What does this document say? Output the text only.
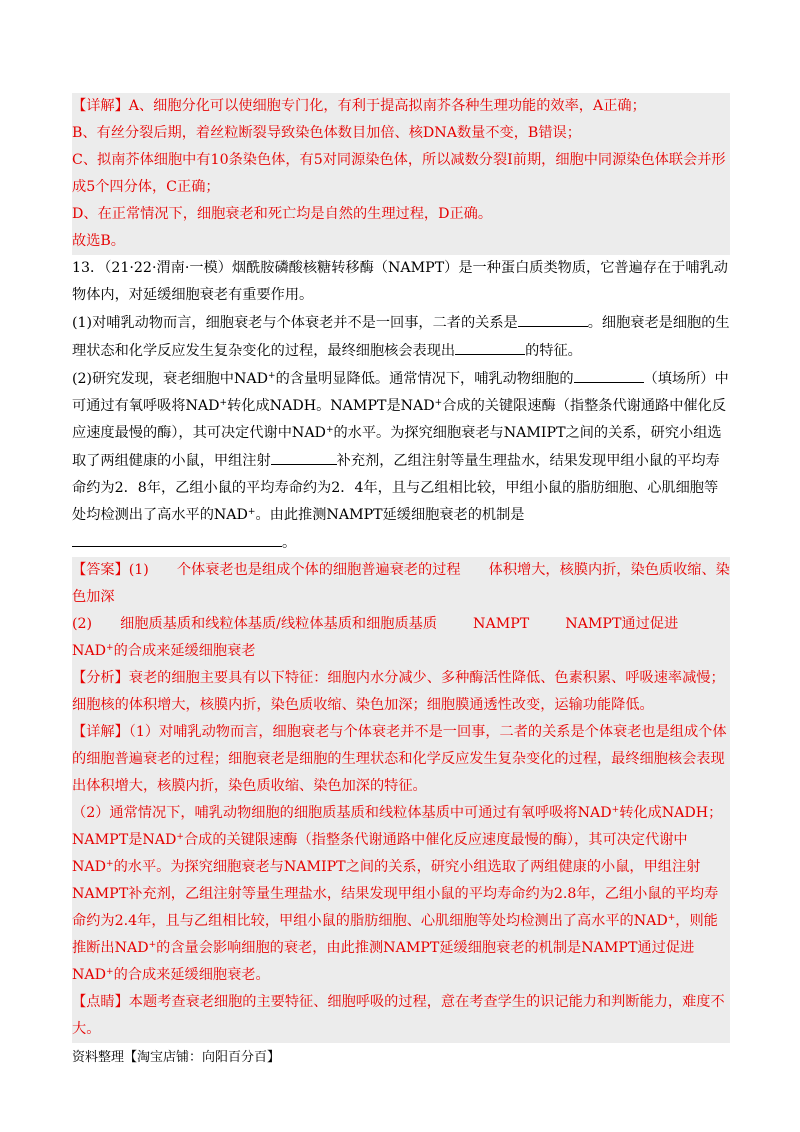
【详解】A、细胞分化可以使细胞专门化，有利于提高拟南芥各种生理功能的效率，A正确；

B、有丝分裂后期，着丝粒断裂导致染色体数目加倍、核DNA数量不变，B错误；

C、拟南芥体细胞中有10条染色体，有5对同源染色体，所以减数分裂Ⅰ前期，细胞中同源染色体联会并形成5个四分体，C正确；

D、在正常情况下，细胞衰老和死亡均是自然的生理过程，D正确。

故选B。

13．（21·22·渭南·一模）烟酰胺磷酸核糖转移酶（NAMPT）是一种蛋白质类物质，它普遍存在于哺乳动物体内，对延缓细胞衰老有重要作用。

(1)对哺乳动物而言，细胞衰老与个体衰老并不是一回事，二者的关系是	。细胞衰老是细胞的生理状态和化学反应发生复杂变化的过程，最终细胞核会表现出	的特征。

(2)研究发现，衰老细胞中NAD+的含量明显降低。通常情况下，哺乳动物细胞的	（填场所）中可通过有氧呼吸将NAD+转化成NADH。NAMPT是NAD+合成的关键限速酶（指整条代谢通路中催化反应速度最慢的酶），其可决定代谢中NAD+的水平。为探究细胞衰老与NAMIPT之间的关系，研究小组选取了两组健康的小鼠，甲组注射	补充剂，乙组注射等量生理盐水，结果发现甲组小鼠的平均寿命约为2．8年，乙组小鼠的平均寿命约为2．4年，且与乙组相比较，甲组小鼠的脂肪细胞、心肌细胞等处均检测出了高水平的NAD+。由此推测NAMPT延缓细胞衰老的机制是。

【答案】(1) 个体衰老也是组成个体的细胞普遍衰老的过程 体积增大，核膜内折，染色质收缩、染色加深

(2) 细胞质基质和线粒体基质/线粒体基质和细胞质基质	NAMPT	NAMPT通过促进NAD+的合成来延缓细胞衰老

【分析】衰老的细胞主要具有以下特征：细胞内水分减少、多种酶活性降低、色素积累、呼吸速率减慢；细胞核的体积增大，核膜内折，染色质收缩、染色加深；细胞膜通透性改变，运输功能降低。

【详解】（1）对哺乳动物而言，细胞衰老与个体衰老并不是一回事，二者的关系是个体衰老也是组成个体的细胞普遍衰老的过程；细胞衰老是细胞的生理状态和化学反应发生复杂变化的过程，最终细胞核会表现出体积增大，核膜内折，染色质收缩、染色加深的特征。

（2）通常情况下，哺乳动物细胞的细胞质基质和线粒体基质中可通过有氧呼吸将NAD+转化成NADH；
NAMPT是NAD+合成的关键限速酶（指整条代谢通路中催化反应速度最慢的酶），其可决定代谢中
NAD+的水平。为探究细胞衰老与NAMIPT之间的关系，研究小组选取了两组健康的小鼠，甲组注射NAMPT补充剂，乙组注射等量生理盐水，结果发现甲组小鼠的平均寿命约为2.8年，乙组小鼠的平均寿命约为2.4年，且与乙组相比较，甲组小鼠的脂肪细胞、心肌细胞等处均检测出了高水平的NAD+，则能推断出NAD+的含量会影响细胞的衰老，由此推测NAMPT延缓细胞衰老的机制是NAMPT通过促进NAD+的合成来延缓细胞衰老。

【点睛】本题考查衰老细胞的主要特征、细胞呼吸的过程，意在考查学生的识记能力和判断能力，难度不大。

资料整理【淘宝店铺：向阳百分百】
